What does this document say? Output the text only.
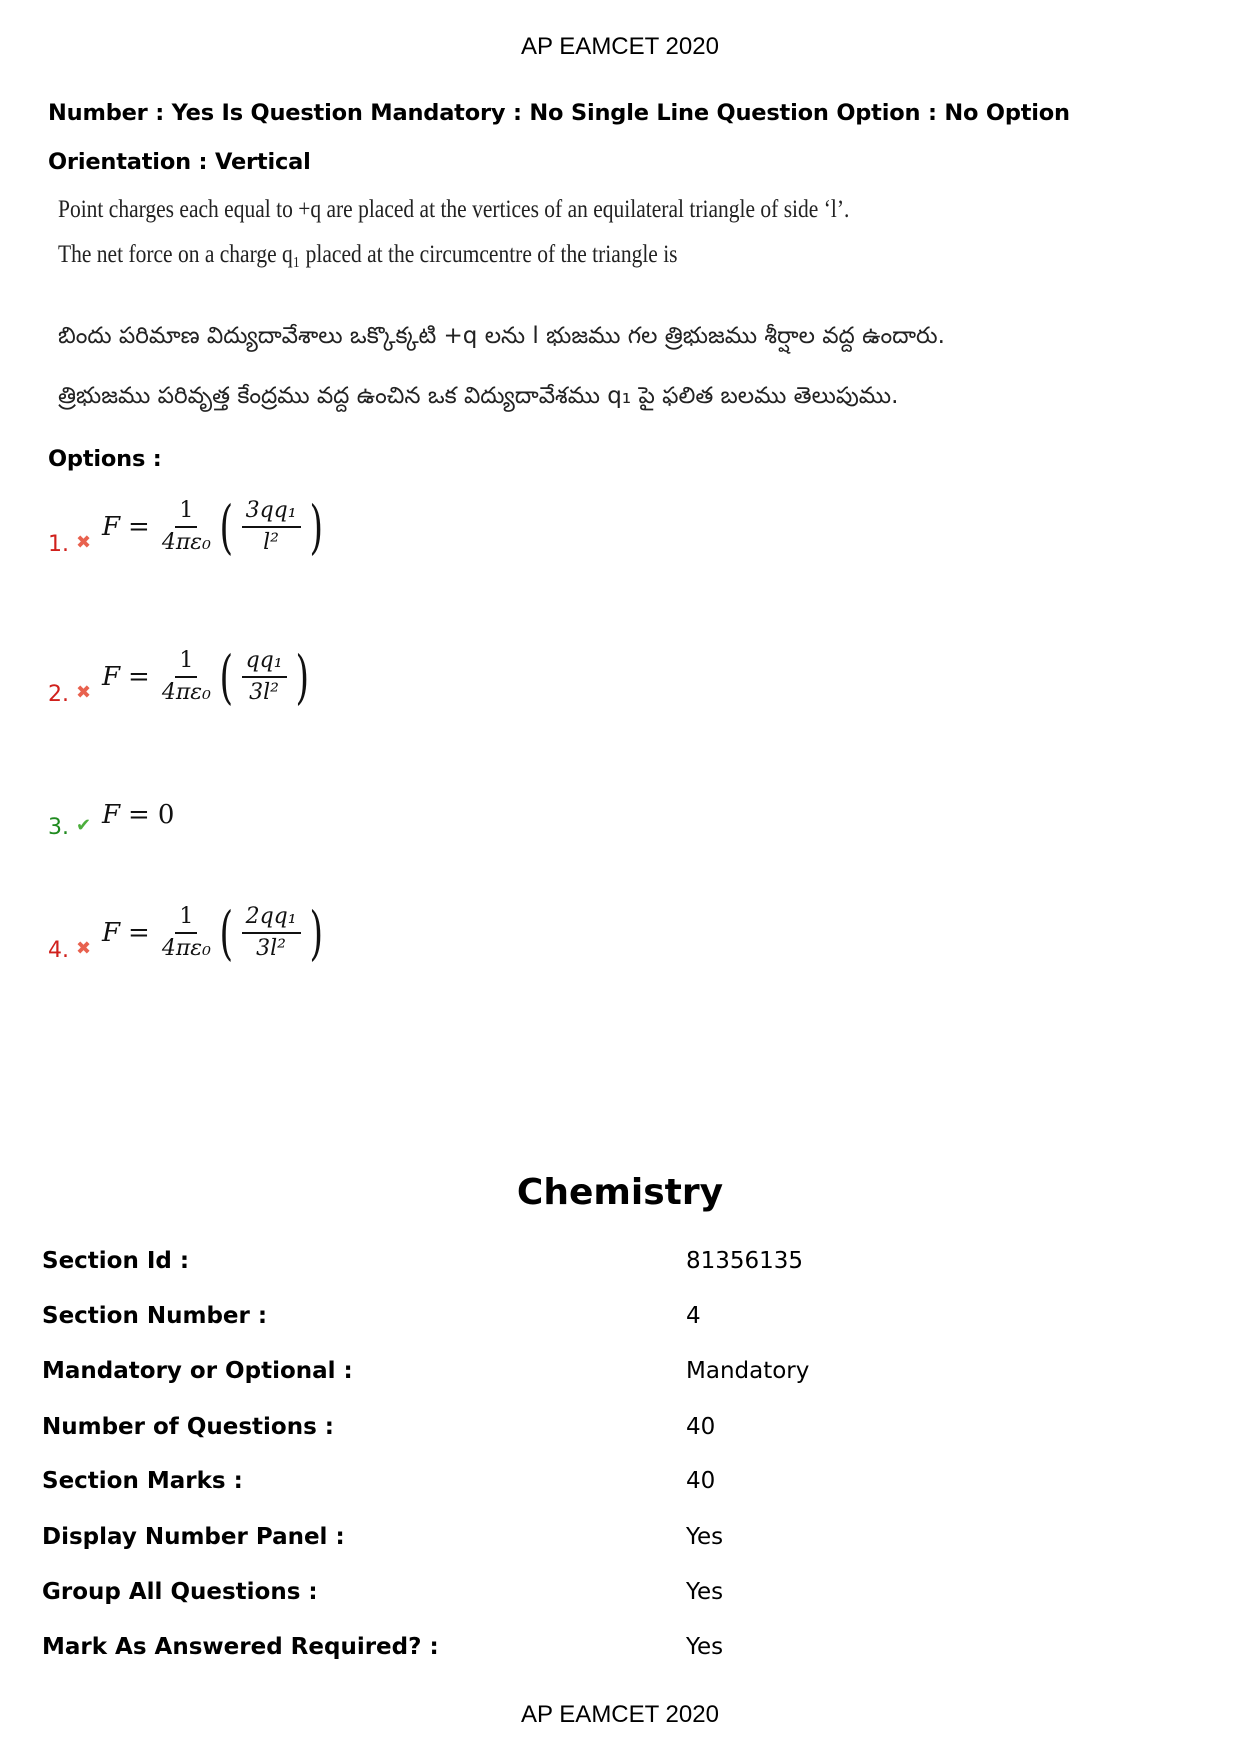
AP EAMCET 2020
Number : Yes Is Question Mandatory : No Single Line Question Option : No Option
Orientation : Vertical
Point charges each equal to +q are placed at the vertices of an equilateral triangle of side ‘l’.
The net force on a charge q₁ placed at the circumcentre of the triangle is
బిందు పరిమాణ విద్యుదావేశాలు ఒక్కొక్కటి +q లను l భుజము గల త్రిభుజము శీర్షాల వద్ద ఉందారు.
త్రిభుజము పరివృత్త కేంద్రము వద్ద ఉంచిన ఒక విద్యుదావేశము q₁ పై ఫలిత బలము తెలుపుము.
Options :
1. ✖ $F = \frac{1}{\text{4πε₀}}$ ( $\frac{\text{3qq₁}}{\text{l²}}$ )
2. ✖ $F = \frac{1}{\text{4πε₀}}$ ( $\frac{\text{qq₁}}{\text{3l²}}$ )
3. ✔ F = 0
4. ✖ $F = \frac{1}{\text{4πε₀}}$ ( $\frac{\text{2qq₁}}{\text{3l²}}$ )
Chemistry
Section Id :	81356135
Section Number :	4
Mandatory or Optional :	Mandatory
Number of Questions :	40
Section Marks :	40
Display Number Panel :	Yes
Group All Questions :	Yes
Mark As Answered Required? :	Yes
AP EAMCET 2020
